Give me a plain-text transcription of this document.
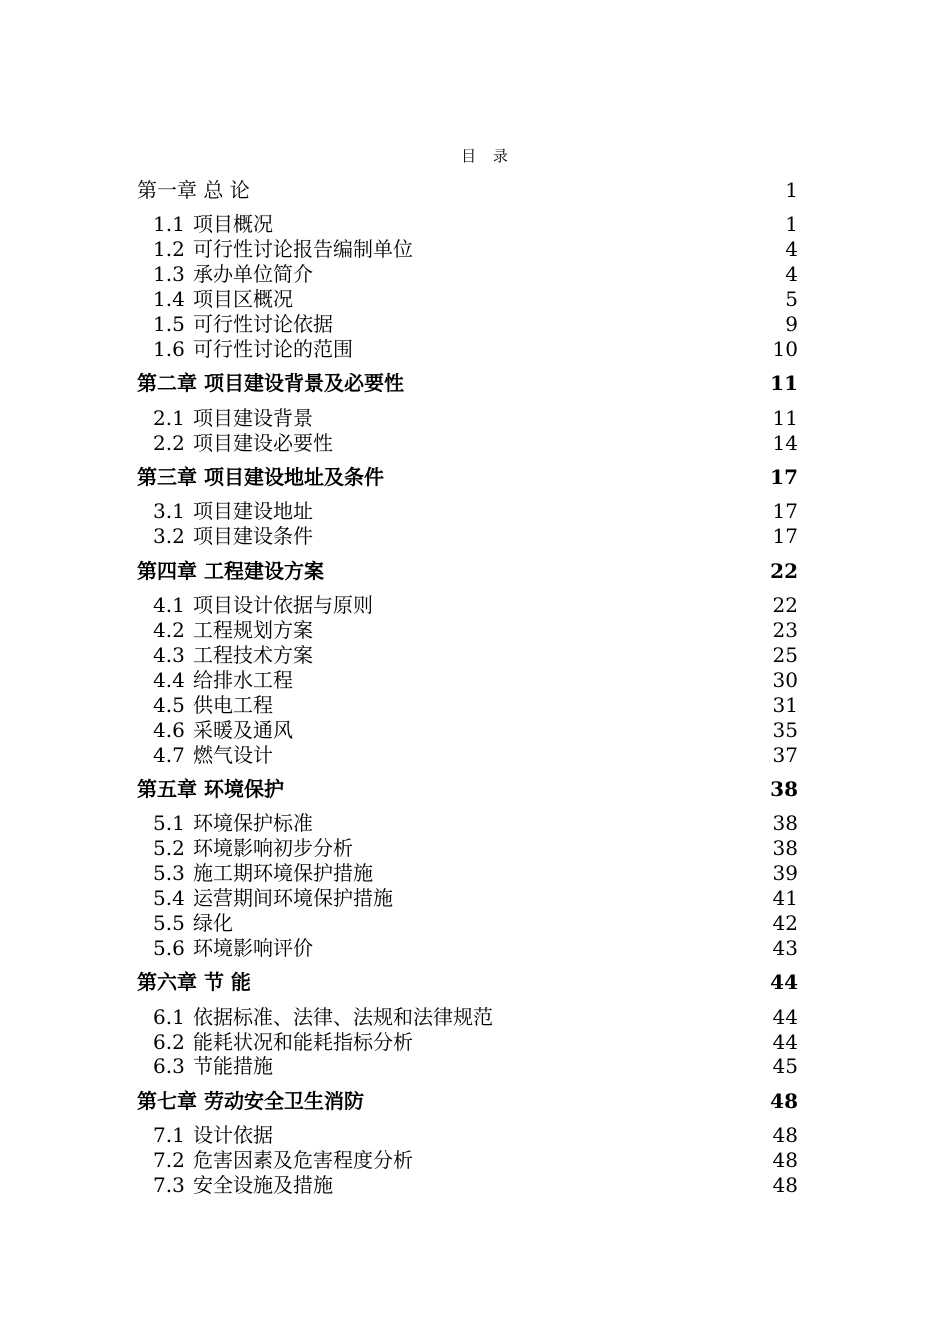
目 录
第一章 总 论	1
1.1 项目概况	1
1.2 可行性讨论报告编制单位	4
1.3 承办单位简介	4
1.4 项目区概况	5
1.5 可行性讨论依据	9
1.6 可行性讨论的范围	10
第二章 项目建设背景及必要性	11
2.1 项目建设背景	11
2.2 项目建设必要性	14
第三章 项目建设地址及条件	17
3.1 项目建设地址	17
3.2 项目建设条件	17
第四章 工程建设方案	22
4.1 项目设计依据与原则	22
4.2 工程规划方案	23
4.3 工程技术方案	25
4.4 给排水工程	30
4.5 供电工程	31
4.6 采暖及通风	35
4.7 燃气设计	37
第五章 环境保护	38
5.1 环境保护标准	38
5.2 环境影响初步分析	38
5.3 施工期环境保护措施	39
5.4 运营期间环境保护措施	41
5.5 绿化	42
5.6 环境影响评价	43
第六章 节 能	44
6.1 依据标准、法律、法规和法律规范	44
6.2 能耗状况和能耗指标分析	44
6.3 节能措施	45
第七章 劳动安全卫生消防	48
7.1 设计依据	48
7.2 危害因素及危害程度分析	48
7.3 安全设施及措施	48
